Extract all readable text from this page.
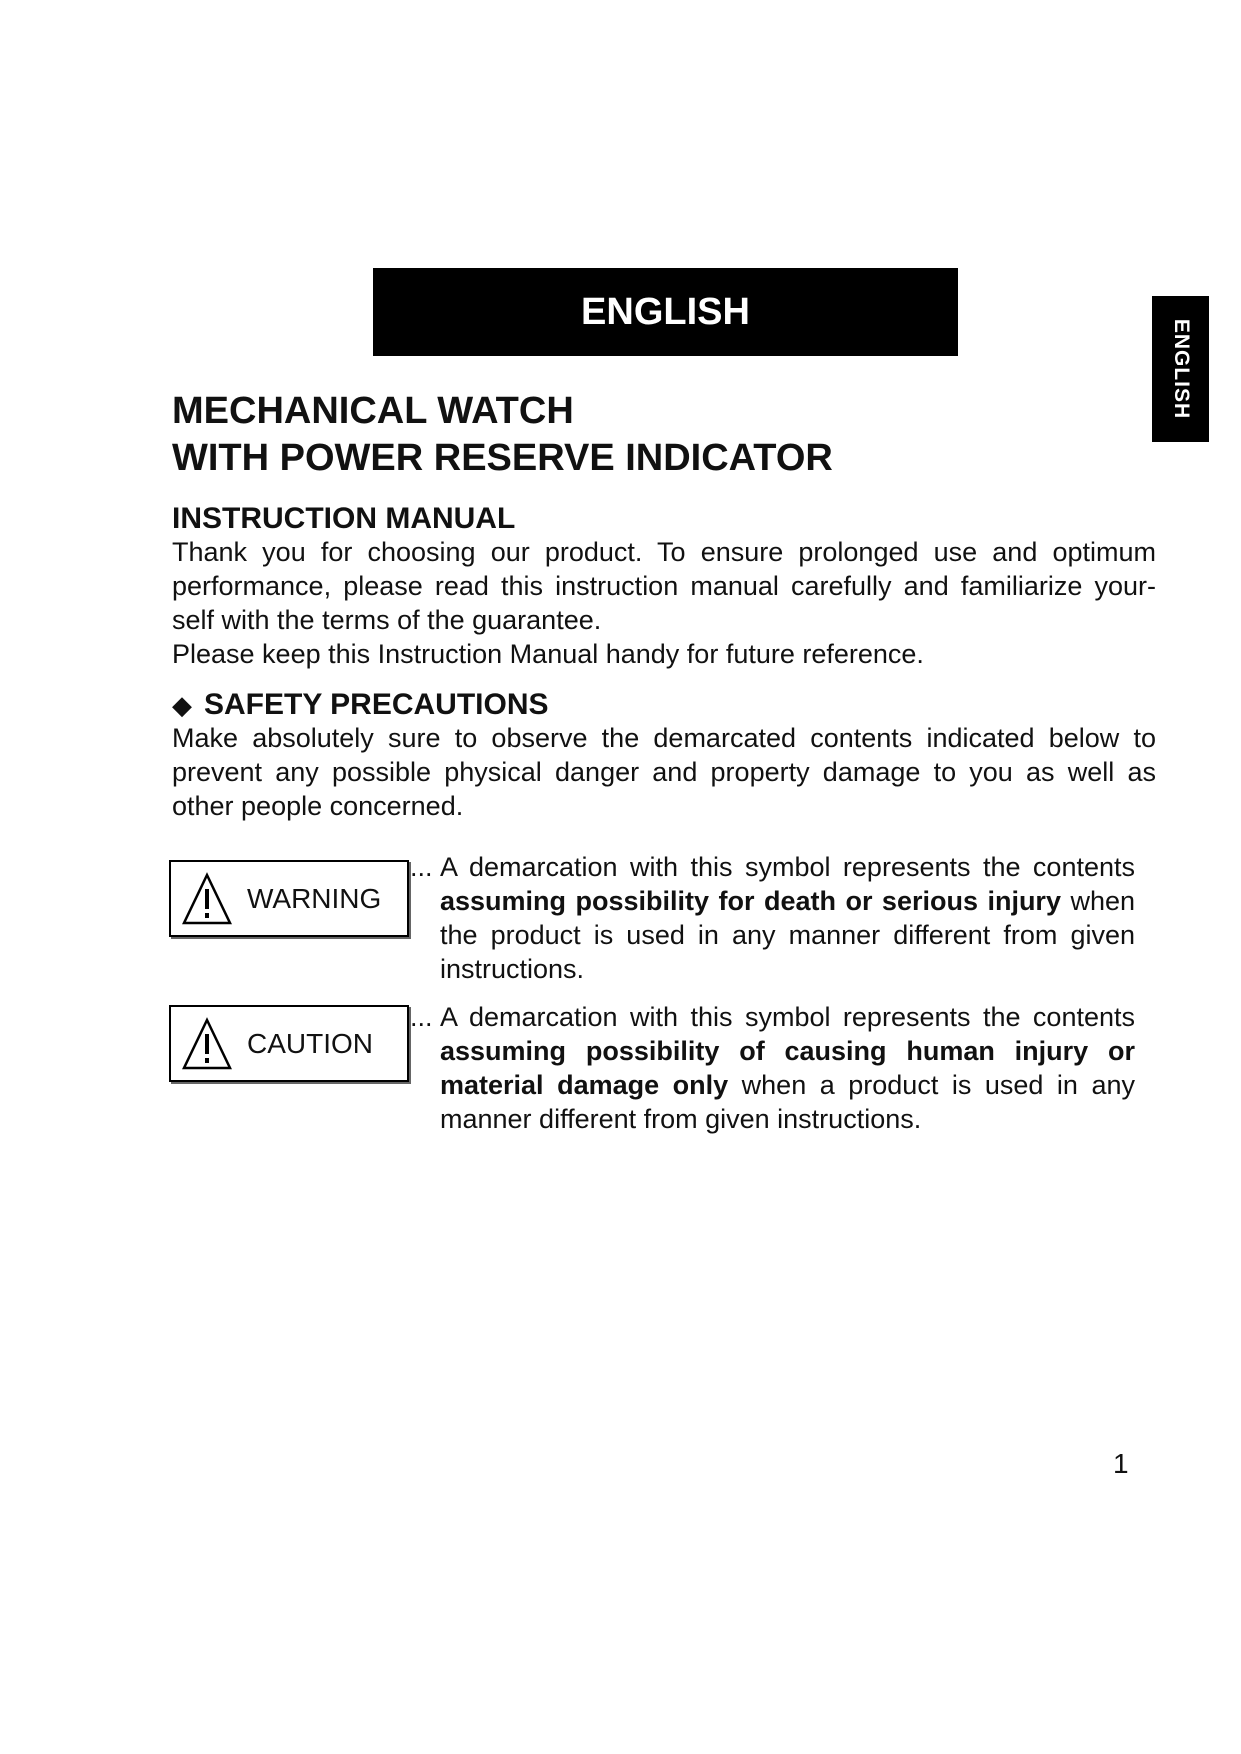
ENGLISH
ENGLISH
MECHANICAL WATCH
WITH POWER RESERVE INDICATOR
INSTRUCTION MANUAL

Thank you for choosing our product. To ensure prolonged use and optimum performance, please read this instruction manual carefully and familiarize your-self with the terms of the guarantee.

Please keep this Instruction Manual handy for future reference.

◆ SAFETY PRECAUTIONS

Make absolutely sure to observe the demarcated contents indicated below to prevent any possible physical danger and property damage to you as well as other people concerned.

WARNING
... A demarcation with this symbol represents the contents assuming possibility for death or serious injury when the product is used in any manner different from given instructions.
CAUTION
... A demarcation with this symbol represents the contents assuming possibility of causing human injury or material damage only when a product is used in any manner different from given instructions.
1
